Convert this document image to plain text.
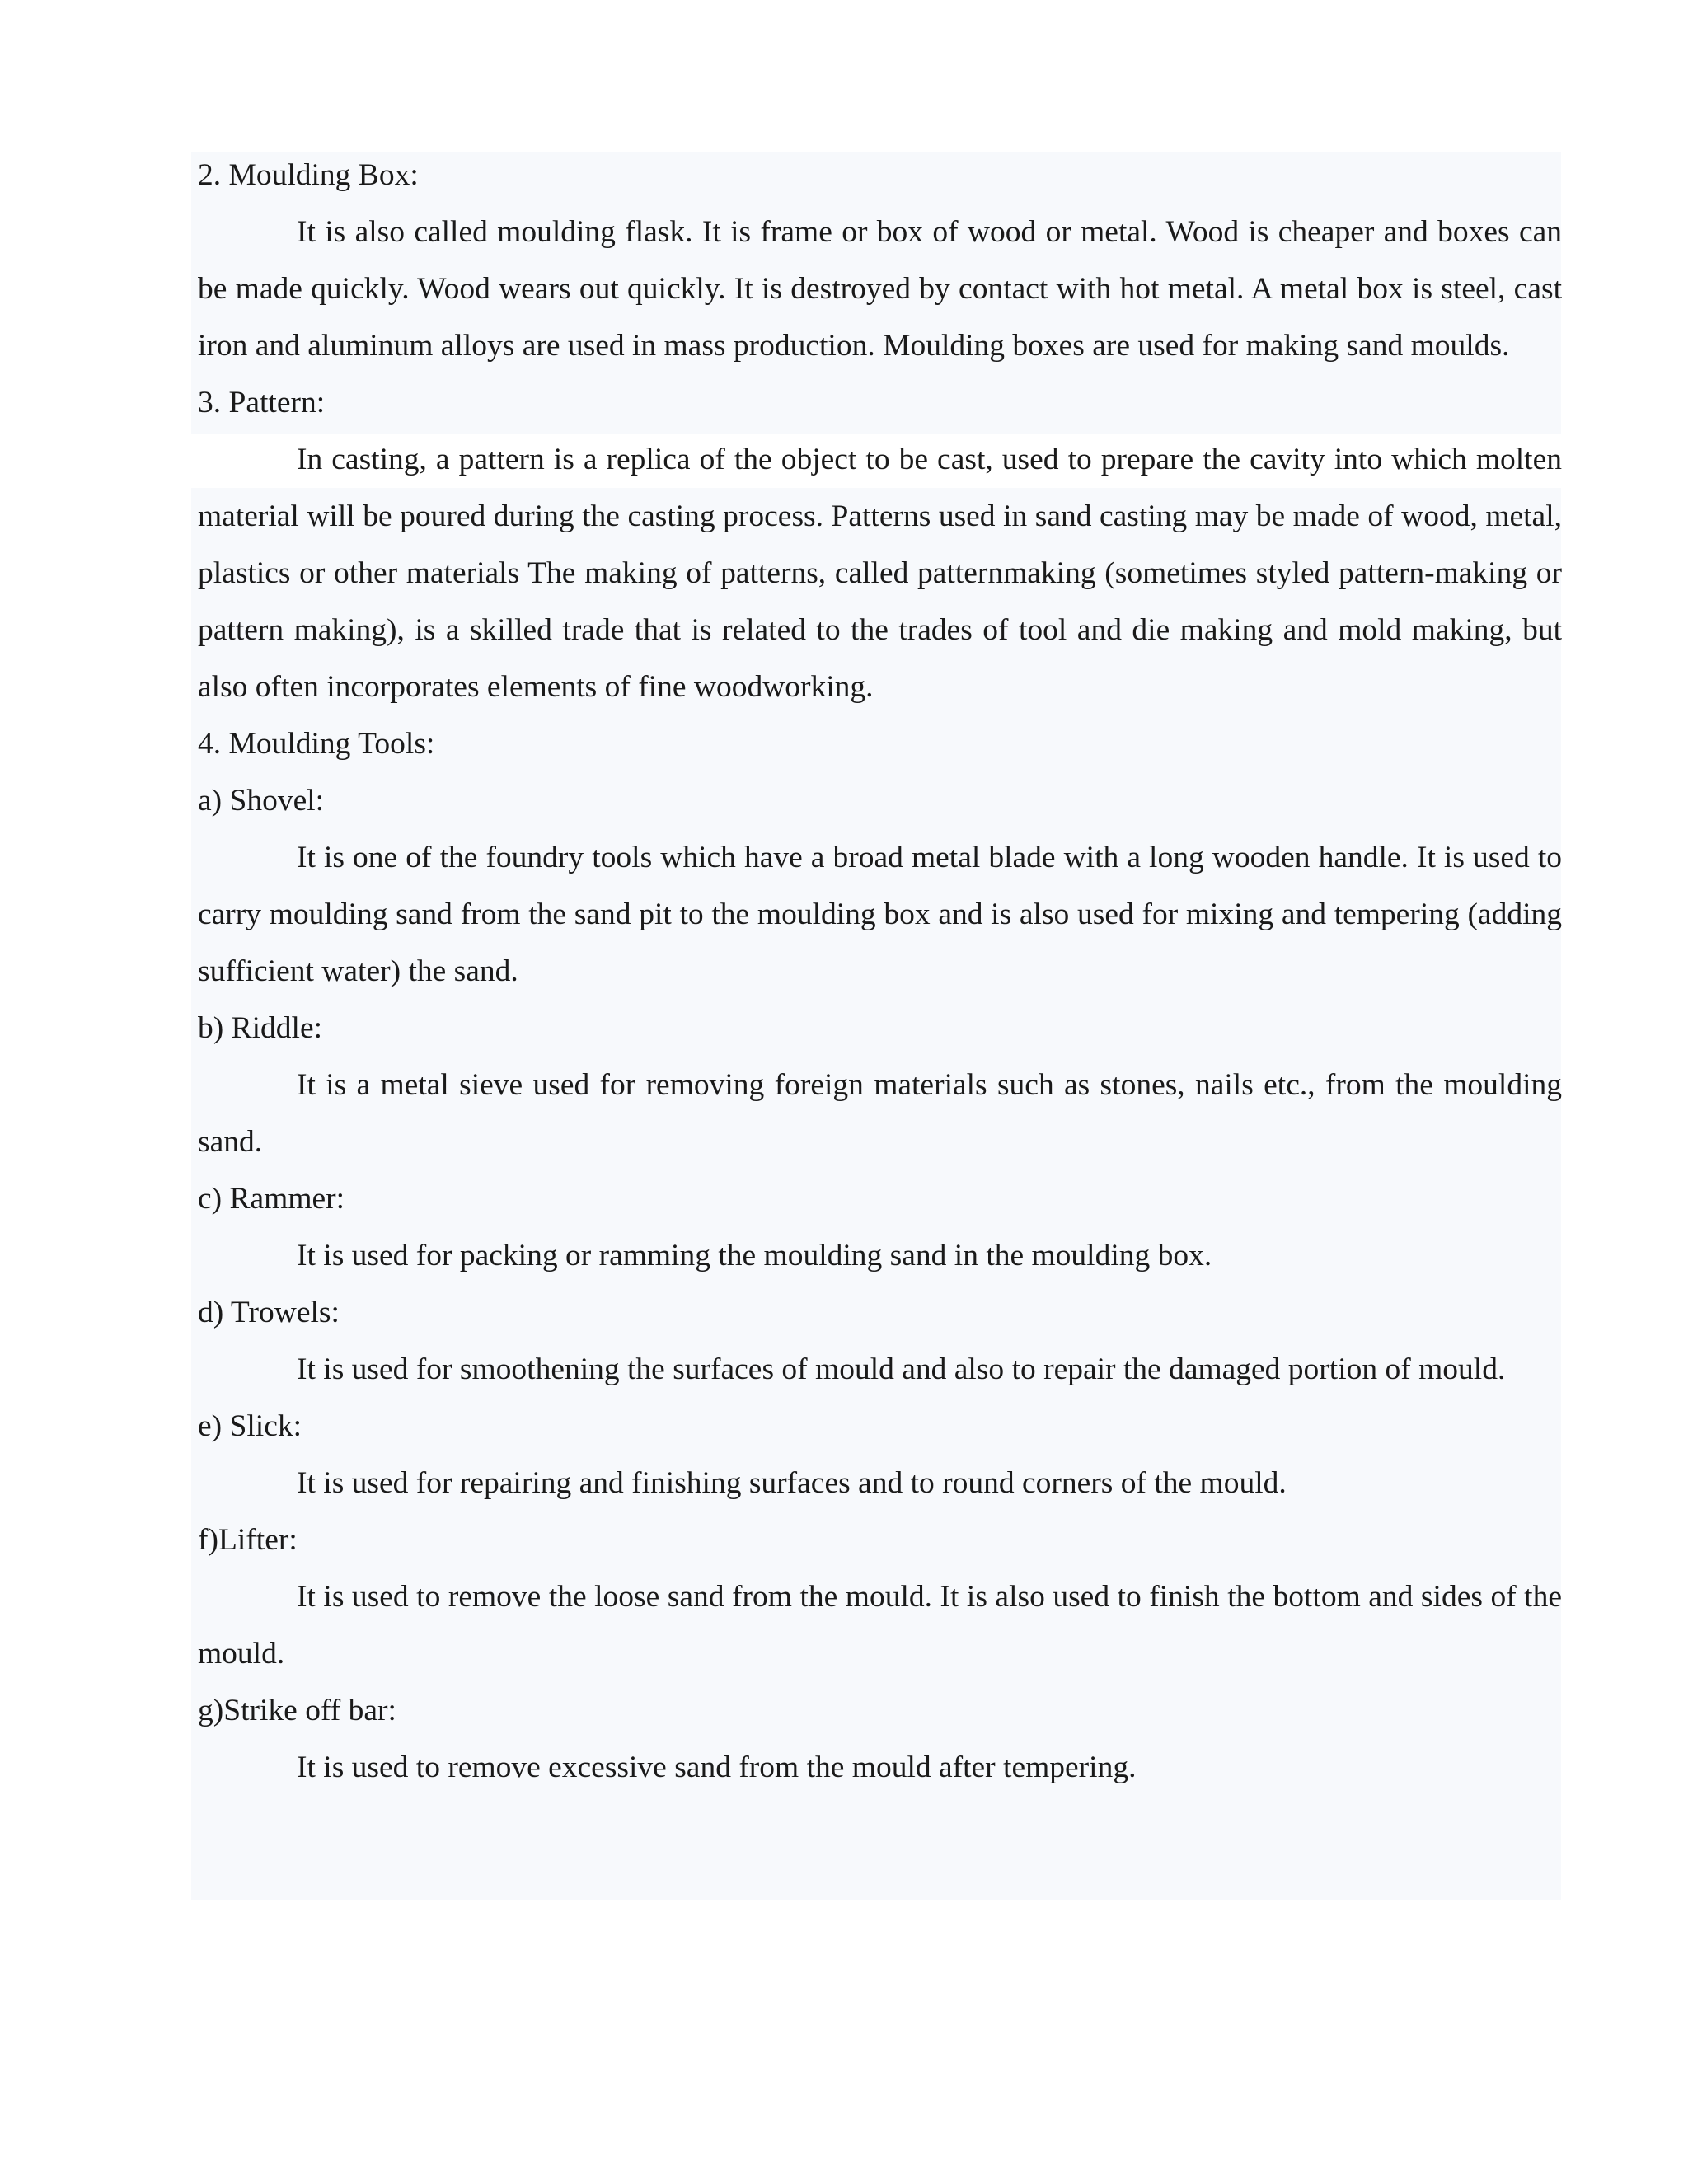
2. Moulding Box:

It is also called moulding flask. It is frame or box of wood or metal. Wood is cheaper and boxes can be made quickly. Wood wears out quickly. It is destroyed by contact with hot metal. A metal box is steel, cast iron and aluminum alloys are used in mass production. Moulding boxes are used for making sand moulds.

3. Pattern:

In casting, a pattern is a replica of the object to be cast, used to prepare the cavity into which molten material will be poured during the casting process. Patterns used in sand casting may be made of wood, metal, plastics or other materials The making of patterns, called patternmaking (sometimes styled pattern-making or pattern making), is a skilled trade that is related to the trades of tool and die making and mold making, but also often incorporates elements of fine woodworking.

4. Moulding Tools:

a) Shovel:

It is one of the foundry tools which have a broad metal blade with a long wooden handle. It is used to carry moulding sand from the sand pit to the moulding box and is also used for mixing and tempering (adding sufficient water) the sand.

b) Riddle:

It is a metal sieve used for removing foreign materials such as stones, nails etc., from the moulding sand.

c) Rammer:

It is used for packing or ramming the moulding sand in the moulding box.

d) Trowels:

It is used for smoothening the surfaces of mould and also to repair the damaged portion of mould.

e) Slick:

It is used for repairing and finishing surfaces and to round corners of the mould.

f)Lifter:

It is used to remove the loose sand from the mould. It is also used to finish the bottom and sides of the mould.

g)Strike off bar:

It is used to remove excessive sand from the mould after tempering.
